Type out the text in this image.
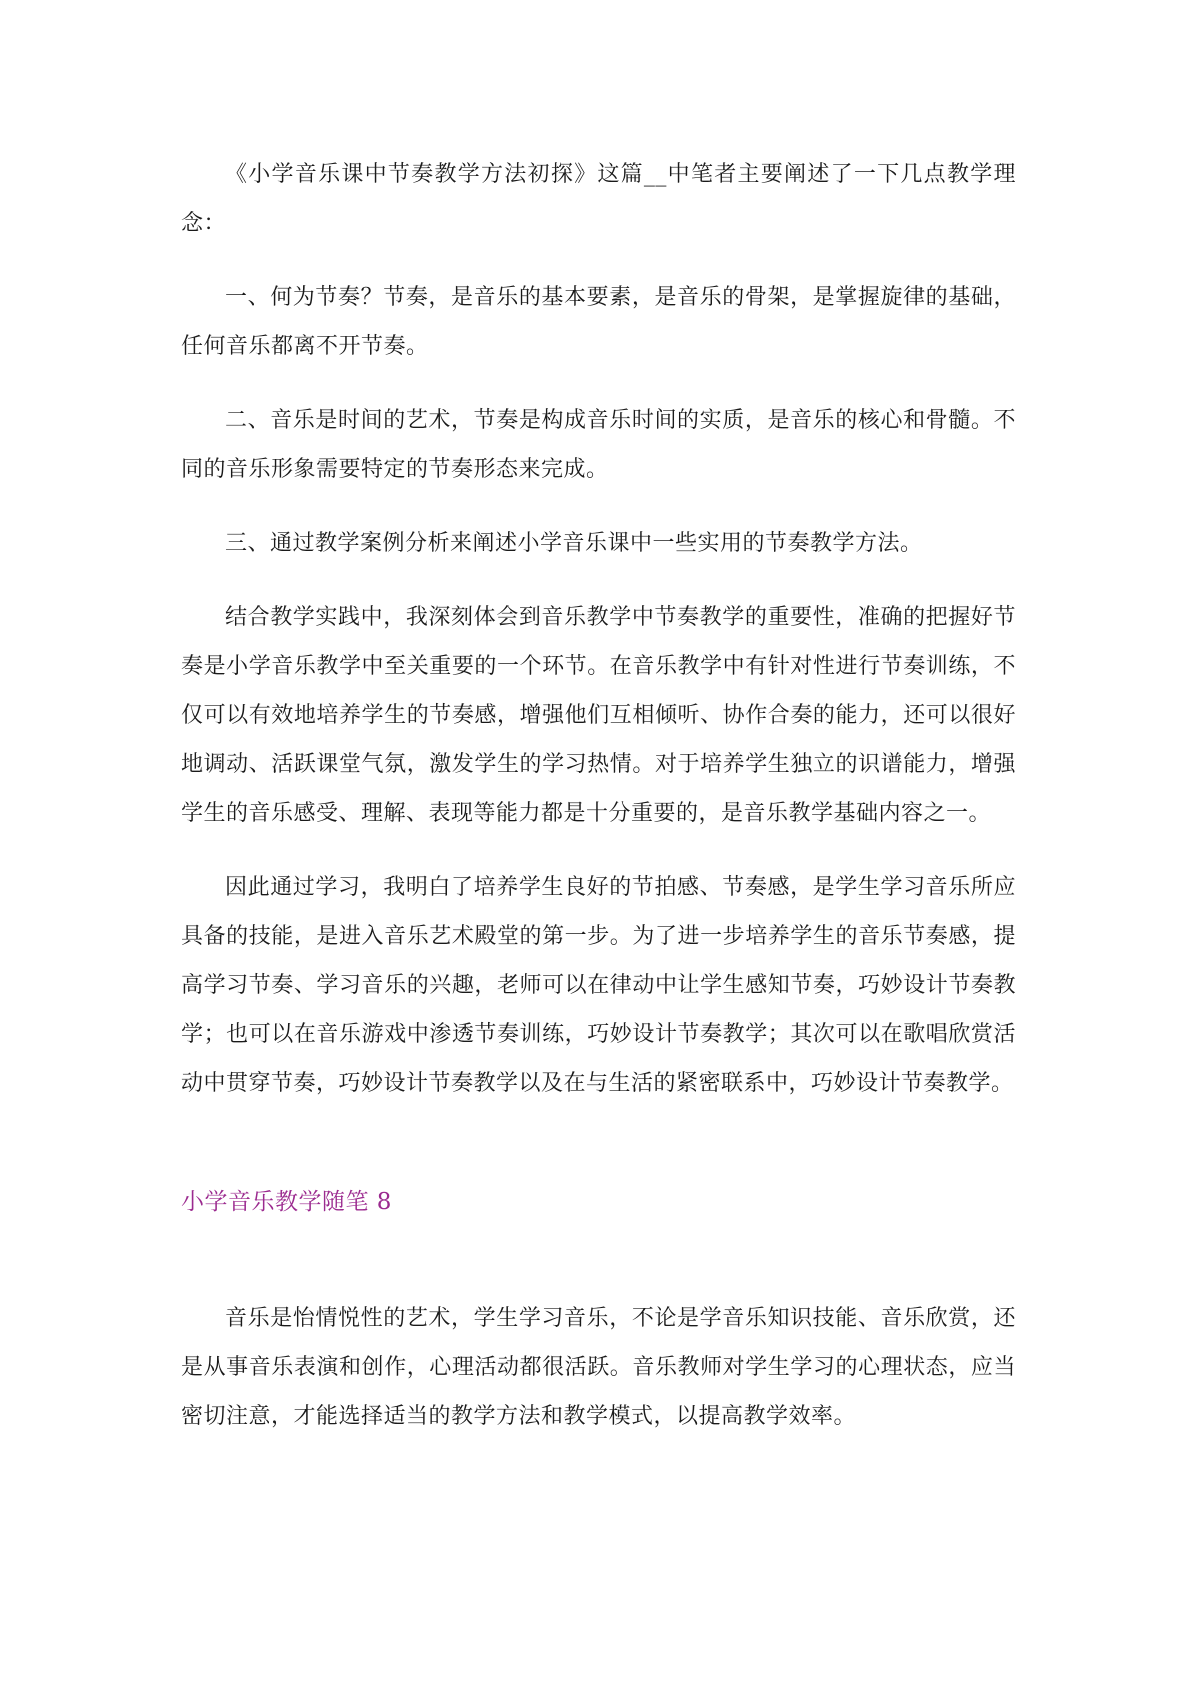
《小学音乐课中节奏教学方法初探》这篇__中笔者主要阐述了一下几点教学理念：

一、何为节奏？节奏，是音乐的基本要素，是音乐的骨架，是掌握旋律的基础，任何音乐都离不开节奏。

二、音乐是时间的艺术，节奏是构成音乐时间的实质，是音乐的核心和骨髓。不同的音乐形象需要特定的节奏形态来完成。

三、通过教学案例分析来阐述小学音乐课中一些实用的节奏教学方法。

结合教学实践中，我深刻体会到音乐教学中节奏教学的重要性，准确的把握好节奏是小学音乐教学中至关重要的一个环节。在音乐教学中有针对性进行节奏训练，不仅可以有效地培养学生的节奏感，增强他们互相倾听、协作合奏的能力，还可以很好地调动、活跃课堂气氛，激发学生的学习热情。对于培养学生独立的识谱能力，增强学生的音乐感受、理解、表现等能力都是十分重要的，是音乐教学基础内容之一。

因此通过学习，我明白了培养学生良好的节拍感、节奏感，是学生学习音乐所应具备的技能，是进入音乐艺术殿堂的第一步。为了进一步培养学生的音乐节奏感，提高学习节奏、学习音乐的兴趣，老师可以在律动中让学生感知节奏，巧妙设计节奏教学；也可以在音乐游戏中渗透节奏训练，巧妙设计节奏教学；其次可以在歌唱欣赏活动中贯穿节奏，巧妙设计节奏教学以及在与生活的紧密联系中，巧妙设计节奏教学。

小学音乐教学随笔 8

音乐是怡情悦性的艺术，学生学习音乐，不论是学音乐知识技能、音乐欣赏，还是从事音乐表演和创作，心理活动都很活跃。音乐教师对学生学习的心理状态，应当密切注意，才能选择适当的教学方法和教学模式，以提高教学效率。
